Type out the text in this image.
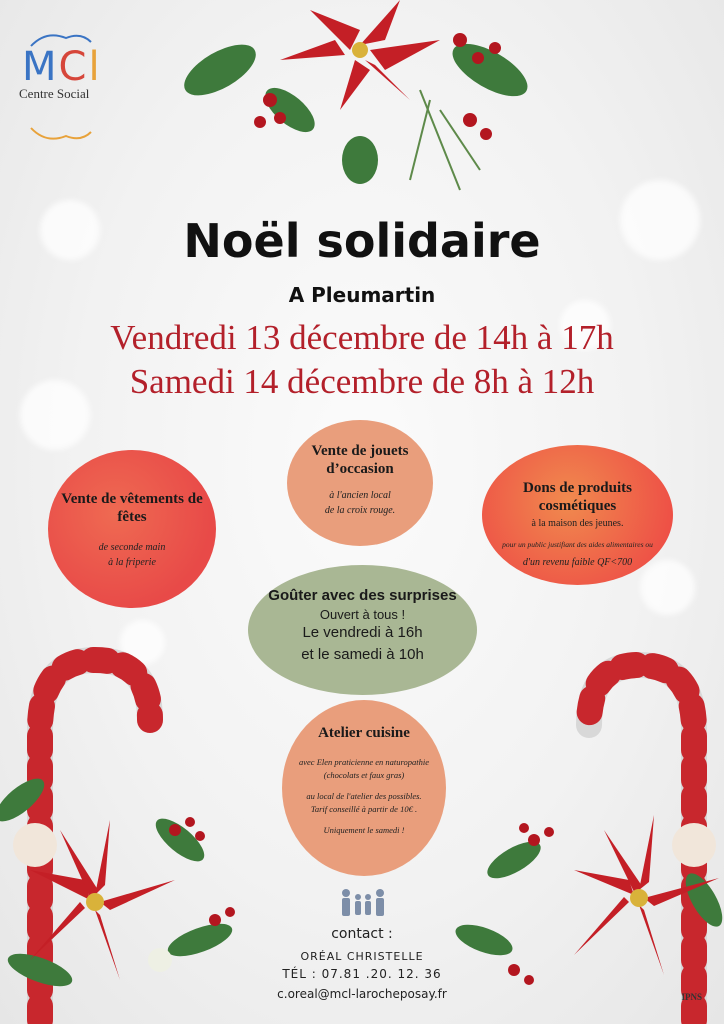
MCl
Centre Social
Noël solidaire
A Pleumartin
Vendredi 13 décembre de 14h à 17h
Samedi 14 décembre de 8h à 12h
Vente de jouets d’occasion
à l'ancien local
de la croix rouge.
Vente de vêtements de fêtes
de seconde main
à la friperie
Dons de produits cosmétiques
à la maison des jeunes.
pour un public justifiant des aides alimentaires ou
d'un revenu faible QF<700
Goûter avec des surprises
Ouvert à tous !
Le vendredi à 16h
et le samedi à 10h
Atelier cuisine
avec Elen praticienne en naturopathie
(chocolats et faux gras)
au local de l'atelier des possibles.
Tarif conseillé à partir de 10€ .
Uniquement le samedi !
contact :
ORÉAL CHRISTELLE
TÉL : 07.81 .20. 12. 36
c.oreal@mcl-larocheposay.fr	IPNS
